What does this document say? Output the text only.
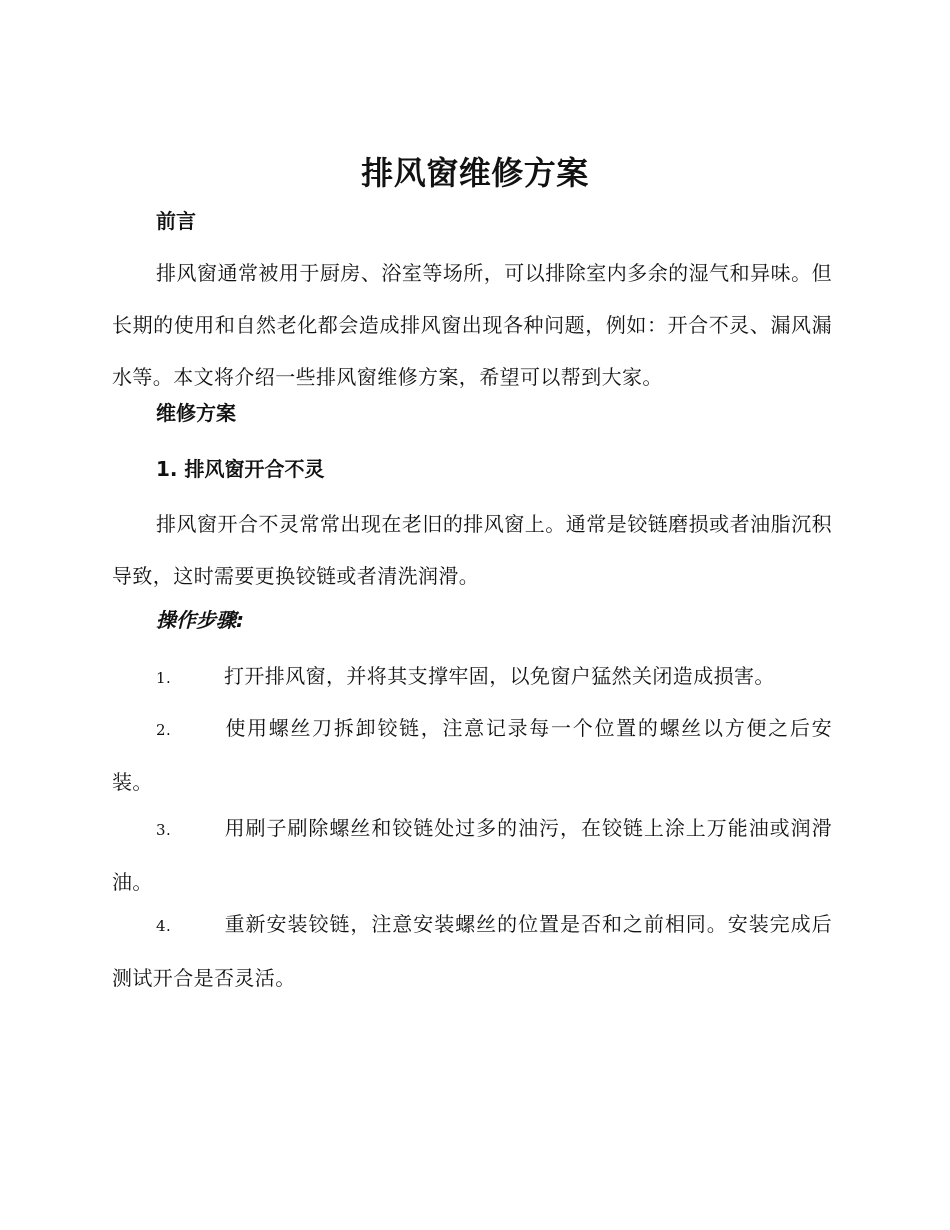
排风窗维修方案
前言
排风窗通常被用于厨房、浴室等场所，可以排除室内多余的湿气和异味。但长期的使用和自然老化都会造成排风窗出现各种问题，例如：开合不灵、漏风漏水等。本文将介绍一些排风窗维修方案，希望可以帮到大家。
维修方案
1. 排风窗开合不灵
排风窗开合不灵常常出现在老旧的排风窗上。通常是铰链磨损或者油脂沉积导致，这时需要更换铰链或者清洗润滑。
操作步骤:
1.	打开排风窗，并将其支撑牢固，以免窗户猛然关闭造成损害。
2.	使用螺丝刀拆卸铰链，注意记录每一个位置的螺丝以方便之后安装。
3.	用刷子刷除螺丝和铰链处过多的油污，在铰链上涂上万能油或润滑油。
4.	重新安装铰链，注意安装螺丝的位置是否和之前相同。安装完成后测试开合是否灵活。
